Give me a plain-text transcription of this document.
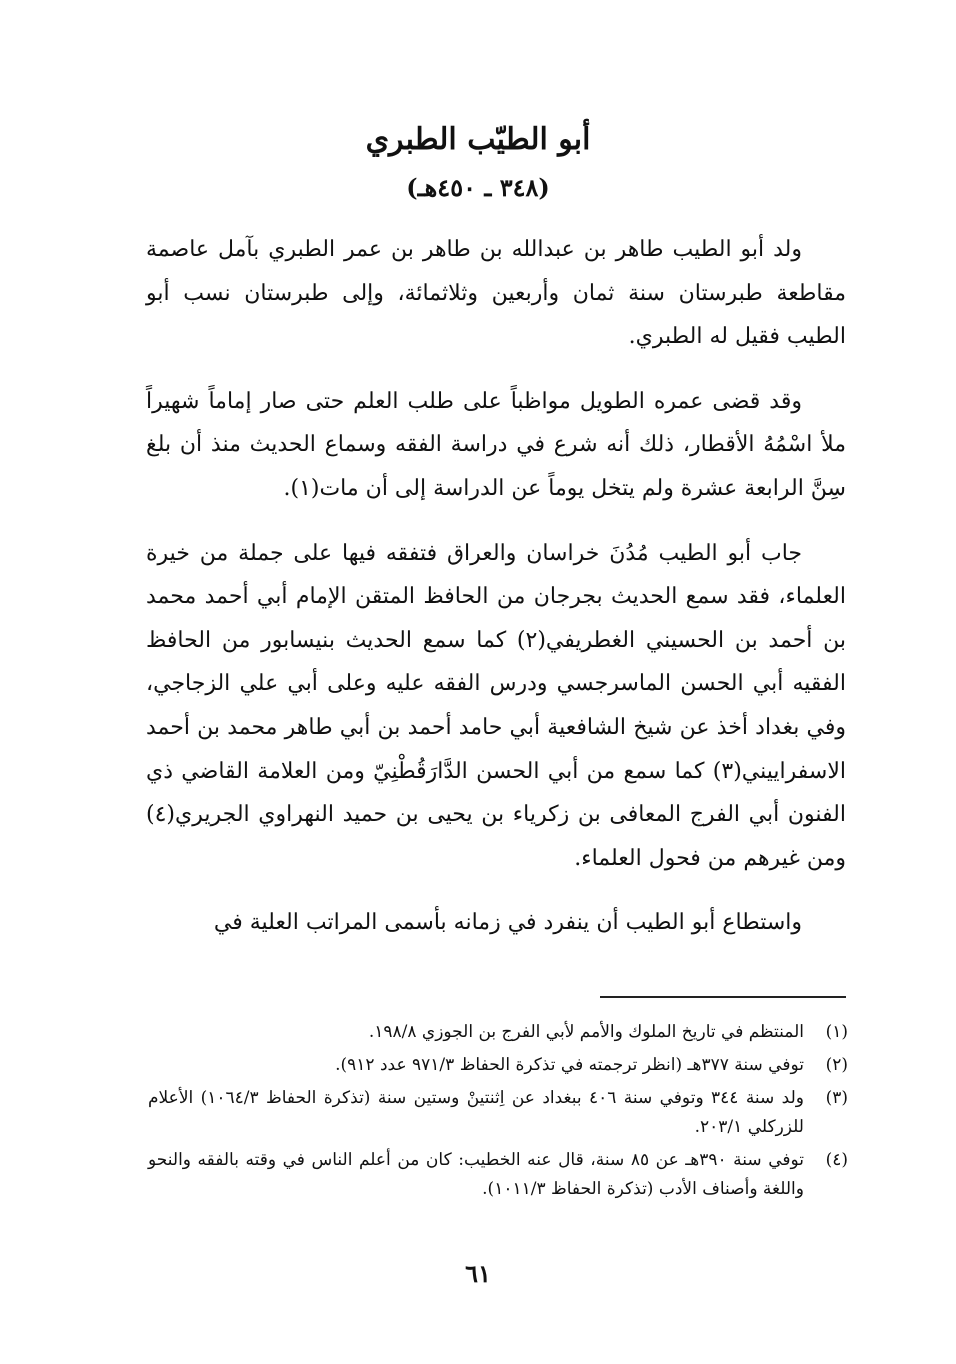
أبو الطيّب الطبري
(٣٤٨ ـ ٤٥٠هـ)

ولد أبو الطيب طاهر بن عبدالله بن طاهر بن عمر الطبري بآمل عاصمة مقاطعة طبرستان سنة ثمان وأربعين وثلاثمائة، وإلى طبرستان نسب أبو الطيب فقيل له الطبري.

وقد قضى عمره الطويل مواظباً على طلب العلم حتى صار إماماً شهيراً ملأ اسْمُهُ الأقطار، ذلك أنه شرع في دراسة الفقه وسماع الحديث منذ أن بلغ سِنَّ الرابعة عشرة ولم يتخل يوماً عن الدراسة إلى أن مات(١).

جاب أبو الطيب مُدُنَ خراسان والعراق فتفقه فيها على جملة من خيرة العلماء، فقد سمع الحديث بجرجان من الحافظ المتقن الإمام أبي أحمد محمد بن أحمد بن الحسيني الغطريفي(٢) كما سمع الحديث بنيسابور من الحافظ الفقيه أبي الحسن الماسرجسي ودرس الفقه عليه وعلى أبي علي الزجاجي، وفي بغداد أخذ عن شيخ الشافعية أبي حامد أحمد بن أبي طاهر محمد بن أحمد الاسفراييني(٣) كما سمع من أبي الحسن الدَّارَقُطْنِيّ ومن العلامة القاضي ذي الفنون أبي الفرج المعافى بن زكرياء بن يحيى بن حميد النهراوي الجريري(٤) ومن غيرهم من فحول العلماء.

واستطاع أبو الطيب أن ينفرد في زمانه بأسمى المراتب العلية في

(١)
المنتظم في تاريخ الملوك والأمم لأبي الفرج بن الجوزي ١٩٨/٨.
(٢)
توفي سنة ٣٧٧هـ (انظر ترجمته في تذكرة الحفاظ ٩٧١/٣ عدد ٩١٢).
(٣)
ولد سنة ٣٤٤ وتوفي سنة ٤٠٦ ببغداد عن اِثنتينْ وستين سنة (تذكرة الحفاظ ١٠٦٤/٣) الأعلام للزركلي ٢٠٣/١.
(٤)
توفي سنة ٣٩٠هـ عن ٨٥ سنة، قال عنه الخطيب: كان من أعلم الناس في وقته بالفقه والنحو واللغة وأصناف الأدب (تذكرة الحفاظ ١٠١١/٣).
٦١
